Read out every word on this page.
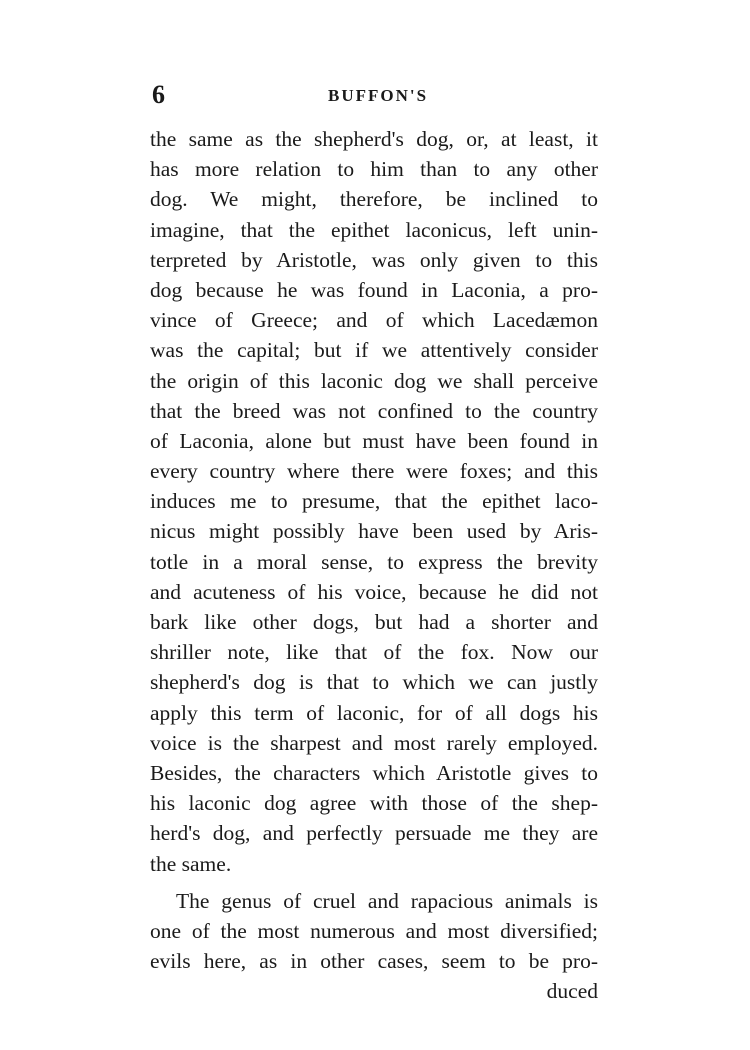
6	BUFFON'S
the same as the shepherd's dog, or, at least, it
has more relation to him than to any other
dog. We might, therefore, be inclined to
imagine, that the epithet laconicus, left unin-
terpreted by Aristotle, was only given to this
dog because he was found in Laconia, a pro-
vince of Greece; and of which Lacedæmon
was the capital; but if we attentively consider
the origin of this laconic dog we shall perceive
that the breed was not confined to the country
of Laconia, alone but must have been found in
every country where there were foxes; and this
induces me to presume, that the epithet laco-
nicus might possibly have been used by Aris-
totle in a moral sense, to express the brevity
and acuteness of his voice, because he did not
bark like other dogs, but had a shorter and
shriller note, like that of the fox. Now our
shepherd's dog is that to which we can justly
apply this term of laconic, for of all dogs his
voice is the sharpest and most rarely employed.
Besides, the characters which Aristotle gives to
his laconic dog agree with those of the shep-
herd's dog, and perfectly persuade me they are
the same.
The genus of cruel and rapacious animals is
one of the most numerous and most diversified;
evils here, as in other cases, seem to be pro-
duced
